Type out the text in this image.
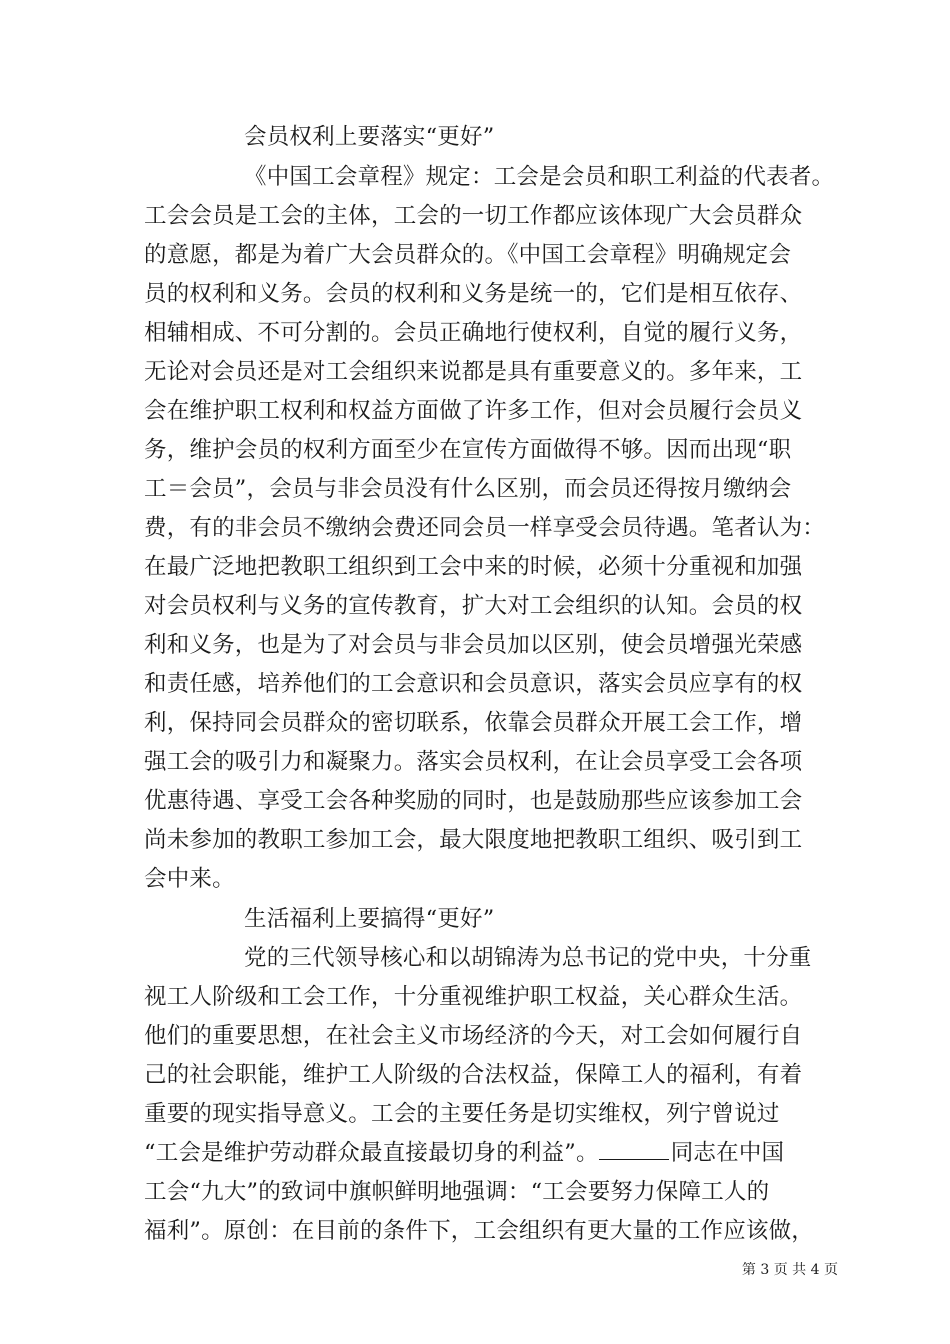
会员权利上要落实“更好”
《中国工会章程》规定：工会是会员和职工利益的代表者。
工会会员是工会的主体，工会的一切工作都应该体现广大会员群众
的意愿，都是为着广大会员群众的。《中国工会章程》明确规定会
员的权利和义务。会员的权利和义务是统一的，它们是相互依存、
相辅相成、不可分割的。会员正确地行使权利，自觉的履行义务，
无论对会员还是对工会组织来说都是具有重要意义的。多年来，工
会在维护职工权利和权益方面做了许多工作，但对会员履行会员义
务，维护会员的权利方面至少在宣传方面做得不够。因而出现“职
工＝会员”，会员与非会员没有什么区别，而会员还得按月缴纳会
费，有的非会员不缴纳会费还同会员一样享受会员待遇。笔者认为：
在最广泛地把教职工组织到工会中来的时候，必须十分重视和加强
对会员权利与义务的宣传教育，扩大对工会组织的认知。会员的权
利和义务，也是为了对会员与非会员加以区别，使会员增强光荣感
和责任感，培养他们的工会意识和会员意识，落实会员应享有的权
利，保持同会员群众的密切联系，依靠会员群众开展工会工作，增
强工会的吸引力和凝聚力。落实会员权利，在让会员享受工会各项
优惠待遇、享受工会各种奖励的同时，也是鼓励那些应该参加工会
尚未参加的教职工参加工会，最大限度地把教职工组织、吸引到工
会中来。
生活福利上要搞得“更好”
党的三代领导核心和以胡锦涛为总书记的党中央，十分重
视工人阶级和工会工作，十分重视维护职工权益，关心群众生活。
他们的重要思想，在社会主义市场经济的今天，对工会如何履行自
己的社会职能，维护工人阶级的合法权益，保障工人的福利，有着
重要的现实指导意义。工会的主要任务是切实维权，列宁曾说过
“工会是维护劳动群众最直接最切身的利益”。	同志在中国
工会“九大”的致词中旗帜鲜明地强调：“工会要努力保障工人的
福利”。原创：在目前的条件下，工会组织有更大量的工作应该做，
第 3 页 共 4 页
